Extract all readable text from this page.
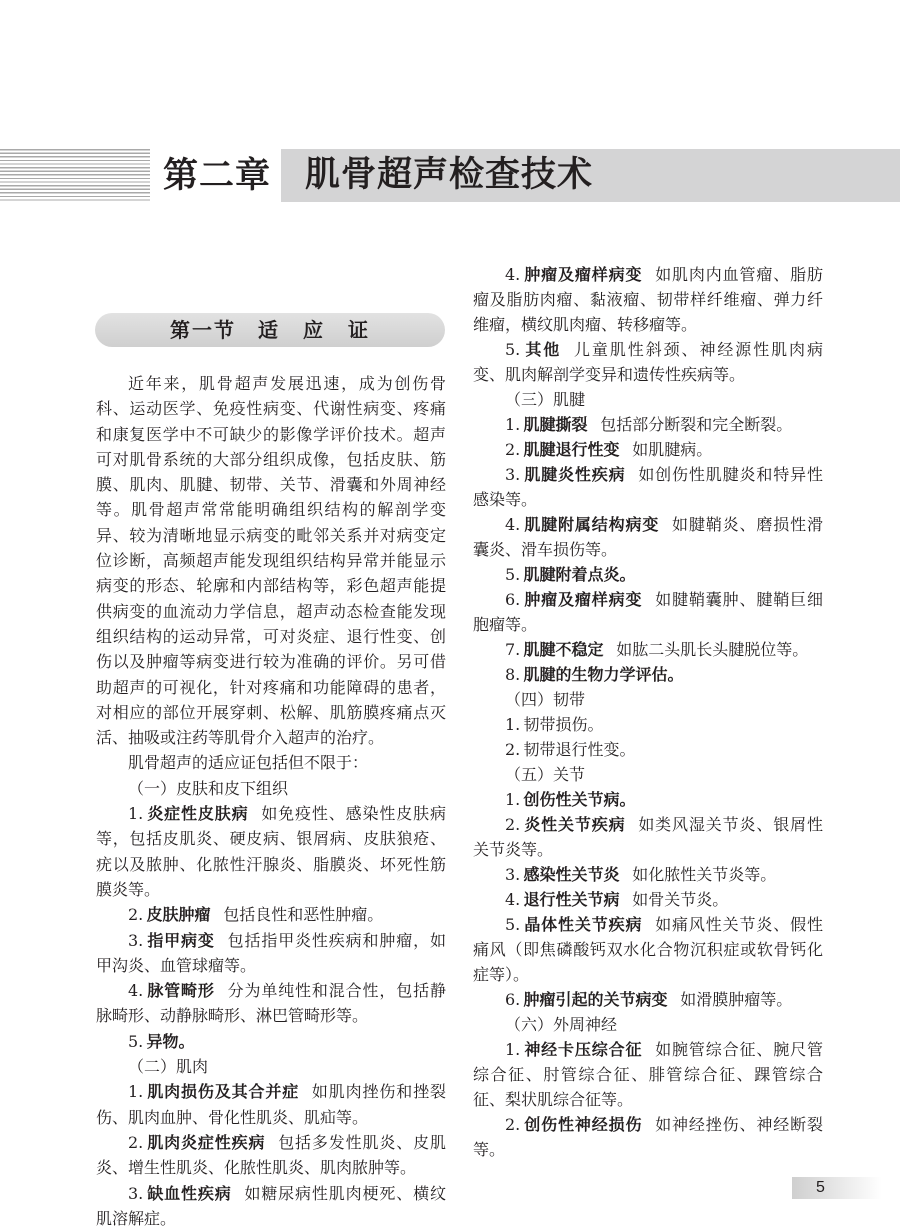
第二章 肌骨超声检查技术
第一节　适 应 证

近年来，肌骨超声发展迅速，成为创伤骨科、运动医学、免疫性病变、代谢性病变、疼痛和康复医学中不可缺少的影像学评价技术。超声可对肌骨系统的大部分组织成像，包括皮肤、筋膜、肌肉、肌腱、韧带、关节、滑囊和外周神经等。肌骨超声常常能明确组织结构的解剖学变异、较为清晰地显示病变的毗邻关系并对病变定位诊断，高频超声能发现组织结构异常并能显示病变的形态、轮廓和内部结构等，彩色超声能提供病变的血流动力学信息，超声动态检查能发现组织结构的运动异常，可对炎症、退行性变、创伤以及肿瘤等病变进行较为准确的评价。另可借助超声的可视化，针对疼痛和功能障碍的患者，对相应的部位开展穿刺、松解、肌筋膜疼痛点灭活、抽吸或注药等肌骨介入超声的治疗。

肌骨超声的适应证包括但不限于：

（一）皮肤和皮下组织

1. 炎症性皮肤病 如免疫性、感染性皮肤病等，包括皮肌炎、硬皮病、银屑病、皮肤狼疮、疣以及脓肿、化脓性汗腺炎、脂膜炎、坏死性筋膜炎等。

2. 皮肤肿瘤 包括良性和恶性肿瘤。

3. 指甲病变 包括指甲炎性疾病和肿瘤，如甲沟炎、血管球瘤等。

4. 脉管畸形 分为单纯性和混合性，包括静脉畸形、动静脉畸形、淋巴管畸形等。

5. 异物。

（二）肌肉

1. 肌肉损伤及其合并症 如肌肉挫伤和挫裂伤、肌肉血肿、骨化性肌炎、肌疝等。

2. 肌肉炎症性疾病 包括多发性肌炎、皮肌炎、增生性肌炎、化脓性肌炎、肌肉脓肿等。

3. 缺血性疾病 如糖尿病性肌肉梗死、横纹肌溶解症。

4. 肿瘤及瘤样病变 如肌肉内血管瘤、脂肪瘤及脂肪肉瘤、黏液瘤、韧带样纤维瘤、弹力纤维瘤，横纹肌肉瘤、转移瘤等。

5. 其他 儿童肌性斜颈、神经源性肌肉病变、肌肉解剖学变异和遗传性疾病等。

（三）肌腱

1. 肌腱撕裂 包括部分断裂和完全断裂。

2. 肌腱退行性变 如肌腱病。

3. 肌腱炎性疾病 如创伤性肌腱炎和特异性感染等。

4. 肌腱附属结构病变 如腱鞘炎、磨损性滑囊炎、滑车损伤等。

5. 肌腱附着点炎。

6. 肿瘤及瘤样病变 如腱鞘囊肿、腱鞘巨细胞瘤等。

7. 肌腱不稳定 如肱二头肌长头腱脱位等。

8. 肌腱的生物力学评估。

（四）韧带

1. 韧带损伤。

2. 韧带退行性变。

（五）关节

1. 创伤性关节病。

2. 炎性关节疾病 如类风湿关节炎、银屑性关节炎等。

3. 感染性关节炎 如化脓性关节炎等。

4. 退行性关节病 如骨关节炎。

5. 晶体性关节疾病 如痛风性关节炎、假性痛风（即焦磷酸钙双水化合物沉积症或软骨钙化症等）。

6. 肿瘤引起的关节病变 如滑膜肿瘤等。

（六）外周神经

1. 神经卡压综合征 如腕管综合征、腕尺管综合征、肘管综合征、腓管综合征、踝管综合征、梨状肌综合征等。

2. 创伤性神经损伤 如神经挫伤、神经断裂等。

5
